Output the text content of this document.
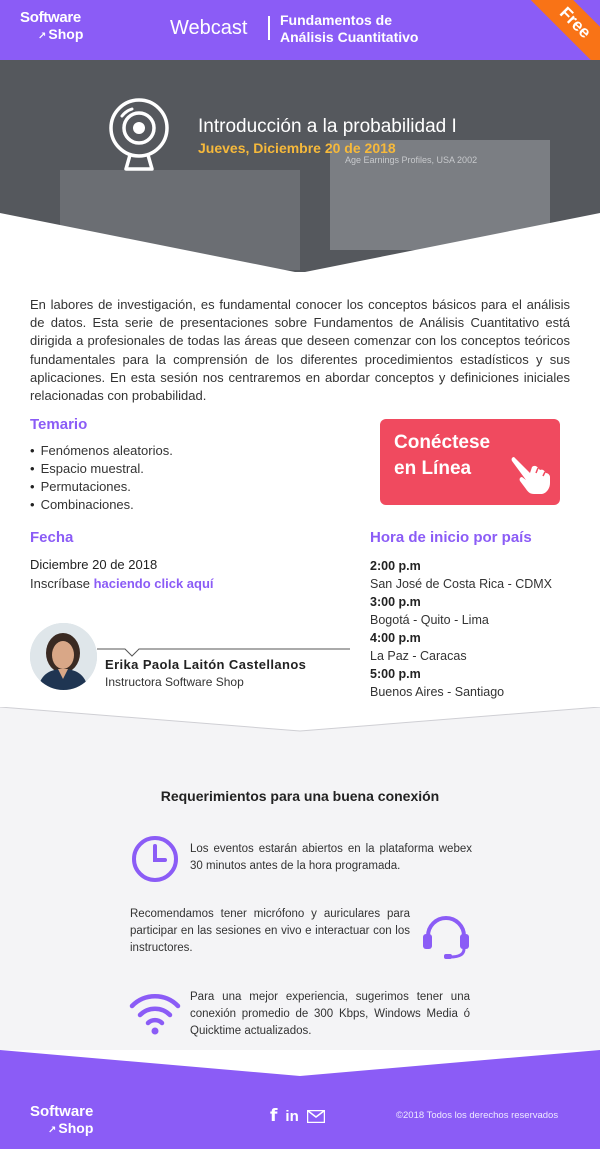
Software
↗ Shop	Webcast Fundamentos de
Análisis Cuantitativo	Free
Age Earnings Profiles, USA 2002
Introducción a la probabilidad I
Jueves, Diciembre 20 de 2018

En labores de investigación, es fundamental conocer los conceptos básicos para el análisis de datos. Esta serie de presentaciones sobre Fundamentos de Análisis Cuantitativo está dirigida a profesionales de todas las áreas que deseen comenzar con los conceptos teóricos fundamentales para la comprensión de los diferentes procedimientos estadísticos y sus aplicaciones. En esta sesión nos centraremos en abordar conceptos y definiciones iniciales relacionadas con probabilidad.

Temario
• Fenómenos aleatorios.
• Espacio muestral.
• Permutaciones.
• Combinaciones.
Conéctese
en Línea
Fecha
Diciembre 20 de 2018
Inscríbase haciendo click aquí
Hora de inicio por país
2:00 p.m
San José de Costa Rica - CDMX
3:00 p.m
Bogotá - Quito - Lima
4:00 p.m
La Paz - Caracas
5:00 p.m
Buenos Aires - Santiago
Erika Paola Laitón Castellanos
Instructora Software Shop
Requerimientos para una buena conexión

Los eventos estarán abiertos en la plataforma webex 30 minutos antes de la hora programada.

Recomendamos tener micrófono y auriculares para participar en las sesiones en vivo e interactuar con los instructores.

Para una mejor experiencia, sugerimos tener una conexión promedio de 300 Kbps, Windows Media ó Quicktime actualizados.

Software
↗ Shop
f in	©2018 Todos los derechos reservados
